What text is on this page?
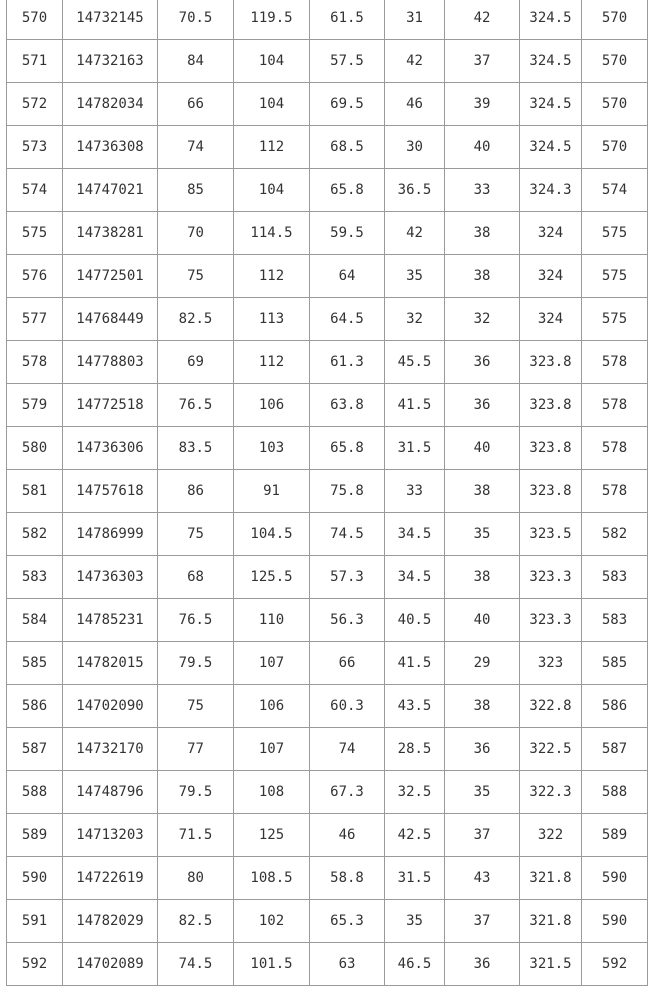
570	14732145	70.5	119.5	61.5	31	42	324.5	570
571	14732163	84	104	57.5	42	37	324.5	570
572	14782034	66	104	69.5	46	39	324.5	570
573	14736308	74	112	68.5	30	40	324.5	570
574	14747021	85	104	65.8	36.5	33	324.3	574
575	14738281	70	114.5	59.5	42	38	324	575
576	14772501	75	112	64	35	38	324	575
577	14768449	82.5	113	64.5	32	32	324	575
578	14778803	69	112	61.3	45.5	36	323.8	578
579	14772518	76.5	106	63.8	41.5	36	323.8	578
580	14736306	83.5	103	65.8	31.5	40	323.8	578
581	14757618	86	91	75.8	33	38	323.8	578
582	14786999	75	104.5	74.5	34.5	35	323.5	582
583	14736303	68	125.5	57.3	34.5	38	323.3	583
584	14785231	76.5	110	56.3	40.5	40	323.3	583
585	14782015	79.5	107	66	41.5	29	323	585
586	14702090	75	106	60.3	43.5	38	322.8	586
587	14732170	77	107	74	28.5	36	322.5	587
588	14748796	79.5	108	67.3	32.5	35	322.3	588
589	14713203	71.5	125	46	42.5	37	322	589
590	14722619	80	108.5	58.8	31.5	43	321.8	590
591	14782029	82.5	102	65.3	35	37	321.8	590
592	14702089	74.5	101.5	63	46.5	36	321.5	592
